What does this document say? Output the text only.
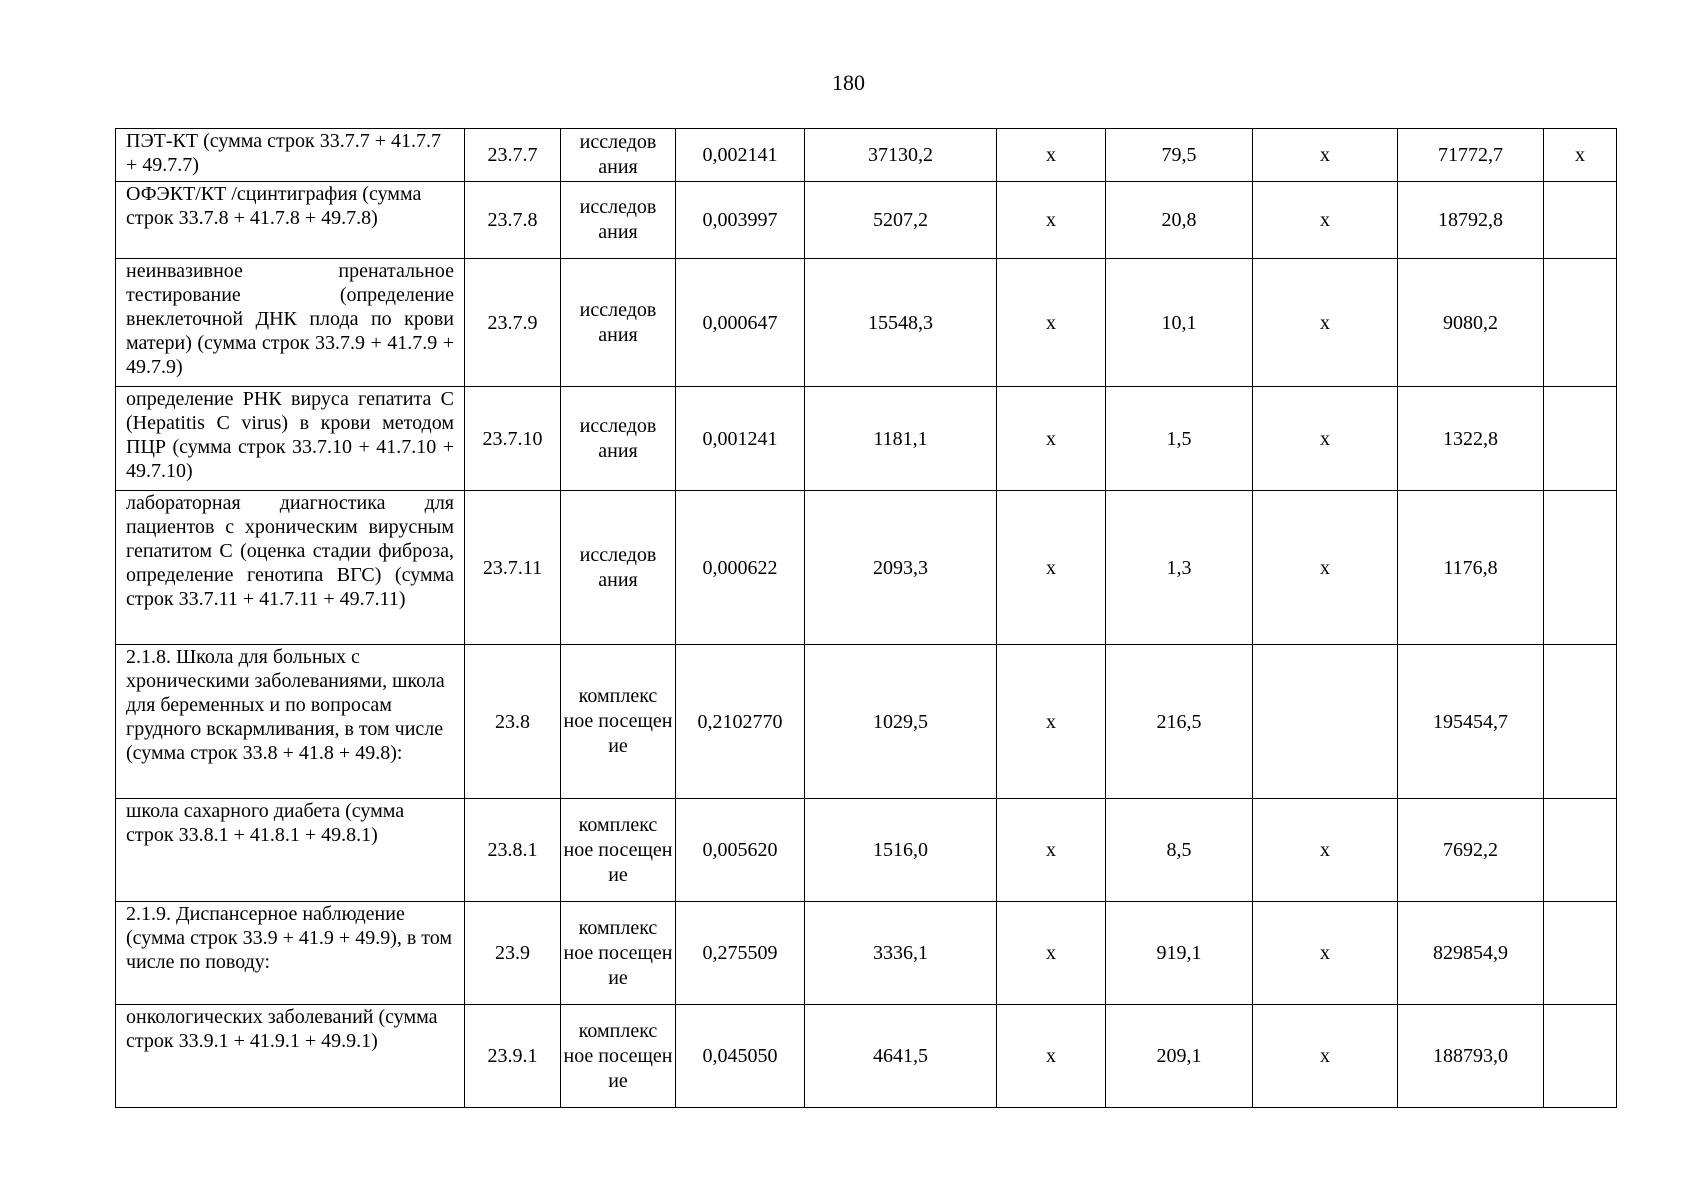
180
ПЭТ-КТ (сумма строк 33.7.7 + 41.7.7 + 49.7.7)	23.7.7	исследов ания	0,002141	37130,2	х	79,5	х	71772,7	х
ОФЭКТ/КТ /сцинтиграфия (сумма строк 33.7.8 + 41.7.8 + 49.7.8)	23.7.8	исследов ания	0,003997	5207,2	х	20,8	х	18792,8	
неинвазивное пренатальное тестирование (определение внеклеточной ДНК плода по крови матери) (сумма строк 33.7.9 + 41.7.9 + 49.7.9)	23.7.9	исследов ания	0,000647	15548,3	х	10,1	х	9080,2	
определение РНК вируса гепатита С (Hepatitis С virus) в крови методом ПЦР (сумма строк 33.7.10 + 41.7.10 + 49.7.10)	23.7.10	исследов ания	0,001241	1181,1	х	1,5	х	1322,8	
лабораторная диагностика для пациентов с хроническим вирусным гепатитом С (оценка стадии фиброза, определение генотипа ВГС) (сумма строк 33.7.11 + 41.7.11 + 49.7.11)	23.7.11	исследов ания	0,000622	2093,3	х	1,3	х	1176,8	
2.1.8. Школа для больных с хроническими заболеваниями, школа для беременных и по вопросам грудного вскармливания, в том числе (сумма строк 33.8 + 41.8 + 49.8):	23.8	комплекс ное посещен ие	0,2102770	1029,5	х	216,5		195454,7	
школа сахарного диабета (сумма строк 33.8.1 + 41.8.1 + 49.8.1)	23.8.1	комплекс ное посещен ие	0,005620	1516,0	х	8,5	х	7692,2	
2.1.9. Диспансерное наблюдение (сумма строк 33.9 + 41.9 + 49.9), в том числе по поводу:	23.9	комплекс ное посещен ие	0,275509	3336,1	х	919,1	х	829854,9	
онкологических заболеваний (сумма строк 33.9.1 + 41.9.1 + 49.9.1)	23.9.1	комплекс ное посещен ие	0,045050	4641,5	х	209,1	х	188793,0	
